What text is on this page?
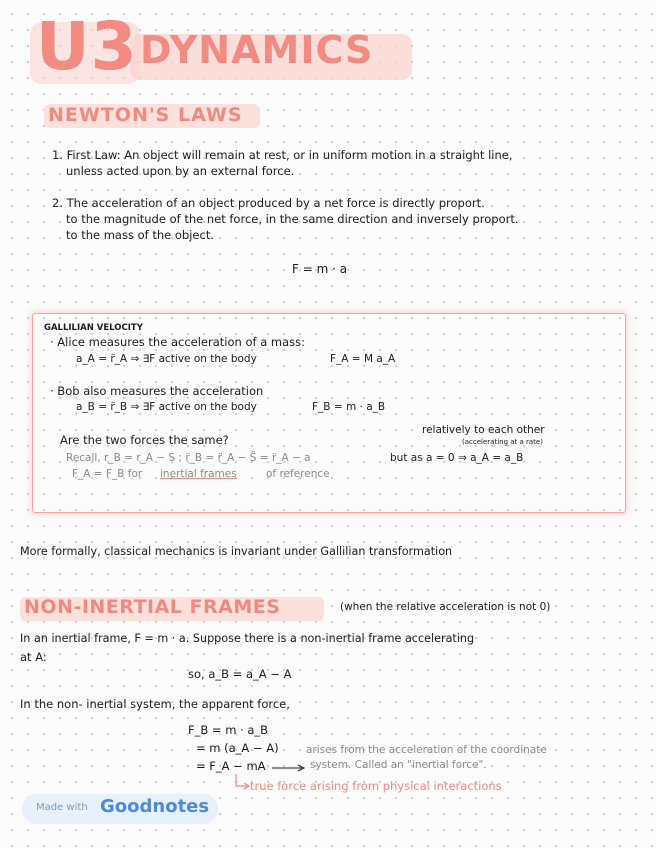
U3 DYNAMICS
NEWTON'S LAWS
1. First Law: An object will remain at rest, or in uniform motion in a straight line,
unless acted upon by an external force.
2. The acceleration of an object produced by a net force is directly proport.
to the magnitude of the net force, in the same direction and inversely proport.
to the mass of the object.
F = m · a
GALLILIAN VELOCITY
· Alice measures the acceleration of a mass:
a_A = r̈_A ⇒ ∃F active on the body	F_A = M a_A
· Bob also measures the acceleration
a_B = r̈_B ⇒ ∃F active on the body	F_B = m · a_B
Are the two forces the same?
relatively to each other
(accelerating at a rate)
Recall, r_B = r_A − S ; r̈_B = r̈_A − S̈ = r̈_A − a	but as a = 0 ⇒ a_A = a_B
F_A = F_B for inertial frames	of reference
More formally, classical mechanics is invariant under Gallilian transformation
NON-INERTIAL FRAMES	(when the relative acceleration is not 0)
In an inertial frame, F = m · a. Suppose there is a non-inertial frame accelerating
at A:
so, a_B = a_A − A
In the non- inertial system, the apparent force,
F_B = m · a_B
= m (a_A − A)
= F_A − mA
arises from the acceleration of the coordinate
system. Called an "inertial force".
true force arising from physical interactions
Made with Goodnotes
